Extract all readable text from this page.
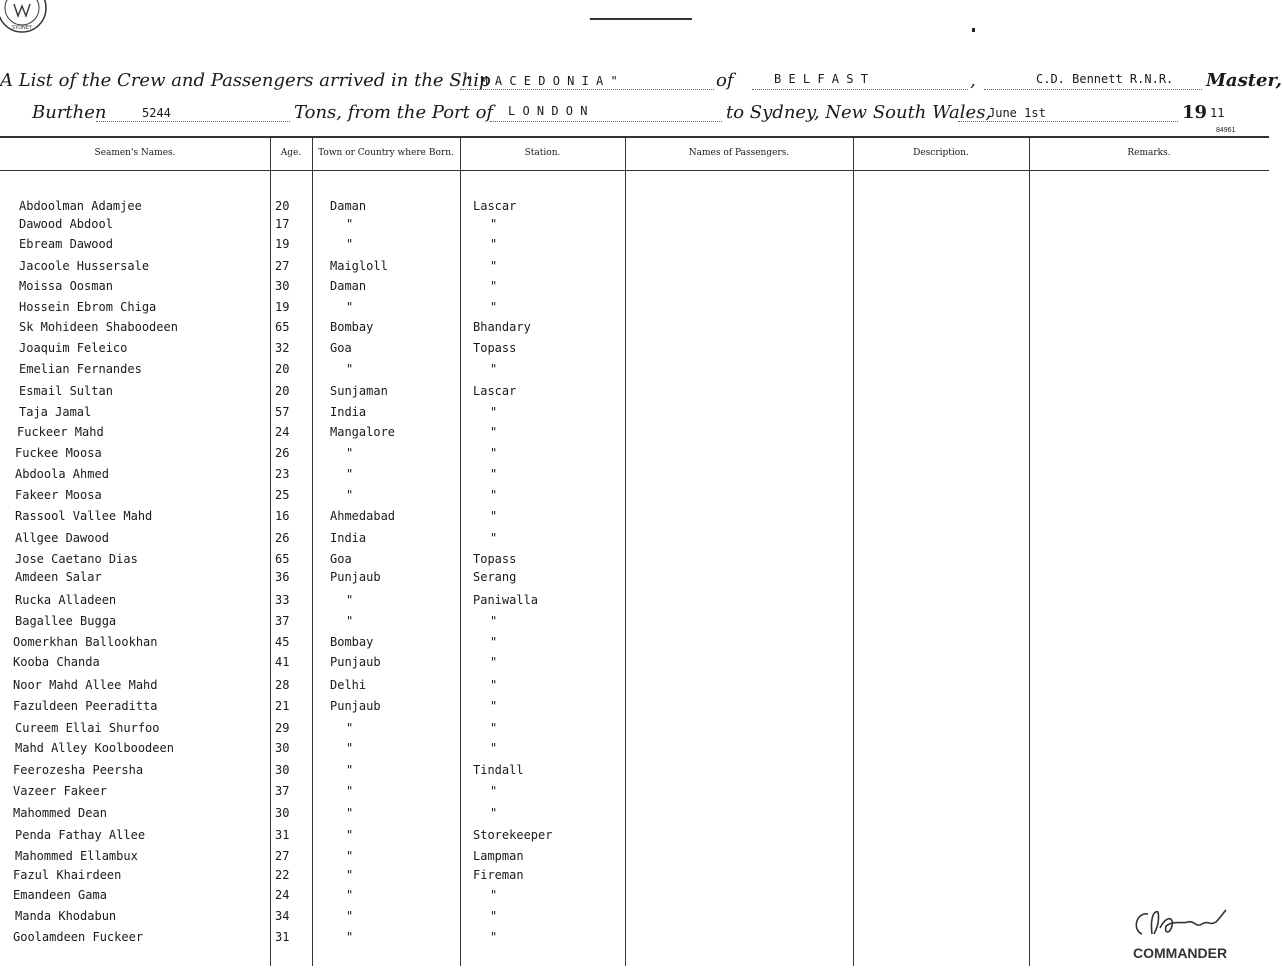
SYDNEY
A List of the Crew and Passengers arrived in the Ship
" M A C E D O N I A "	of	B E L F A S T	,	C.D. Bennett R.N.R. Master,
Burthen	5244	Tons, from the Port of L O N D O N	to Sydney, New South Wales,
June 1st	19 11
84961
Seamen's Names.	Age.	Town or Country where Born.	Station.	Names of Passengers.	Description.	Remarks.
Abdoolman Adamjee	20	Daman	Lascar
Dawood Abdool	17	"	"
Ebream Dawood	19	"	"
Jacoole Hussersale	27	Maigloll	"
Moissa Oosman	30	Daman	"
Hossein Ebrom Chiga	19	"	"
Sk Mohideen Shaboodeen	65	Bombay	Bhandary
Joaquim Feleico	32	Goa	Topass
Emelian Fernandes	20	"	"
Esmail Sultan	20	Sunjaman	Lascar
Taja Jamal	57	India	"
Fuckeer Mahd	24	Mangalore	"
Fuckee Moosa	26	"	"
Abdoola Ahmed	23	"	"
Fakeer Moosa	25	"	"
Rassool Vallee Mahd	16	Ahmedabad	"
Allgee Dawood	26	India	"
Jose Caetano Dias	65	Goa	Topass
Amdeen Salar	36	Punjaub	Serang
Rucka Alladeen	33	"	Paniwalla
Bagallee Bugga	37	"	"
Oomerkhan Ballookhan	45	Bombay	"
Kooba Chanda	41	Punjaub	"
Noor Mahd Allee Mahd	28	Delhi	"
Fazuldeen Peeraditta	21	Punjaub	"
Cureem Ellai Shurfoo	29	"	"
Mahd Alley Koolboodeen	30	"	"
Feerozesha Peersha	30	"	Tindall
Vazeer Fakeer	37	"	"
Mahommed Dean	30	"	"
Penda Fathay Allee	31	"	Storekeeper
Mahommed Ellambux	27	"	Lampman
Fazul Khairdeen	22	"	Fireman
Emandeen Gama	24	"	"
Manda Khodabun	34	"	"
Goolamdeen Fuckeer	31	"	"
COMMANDER
